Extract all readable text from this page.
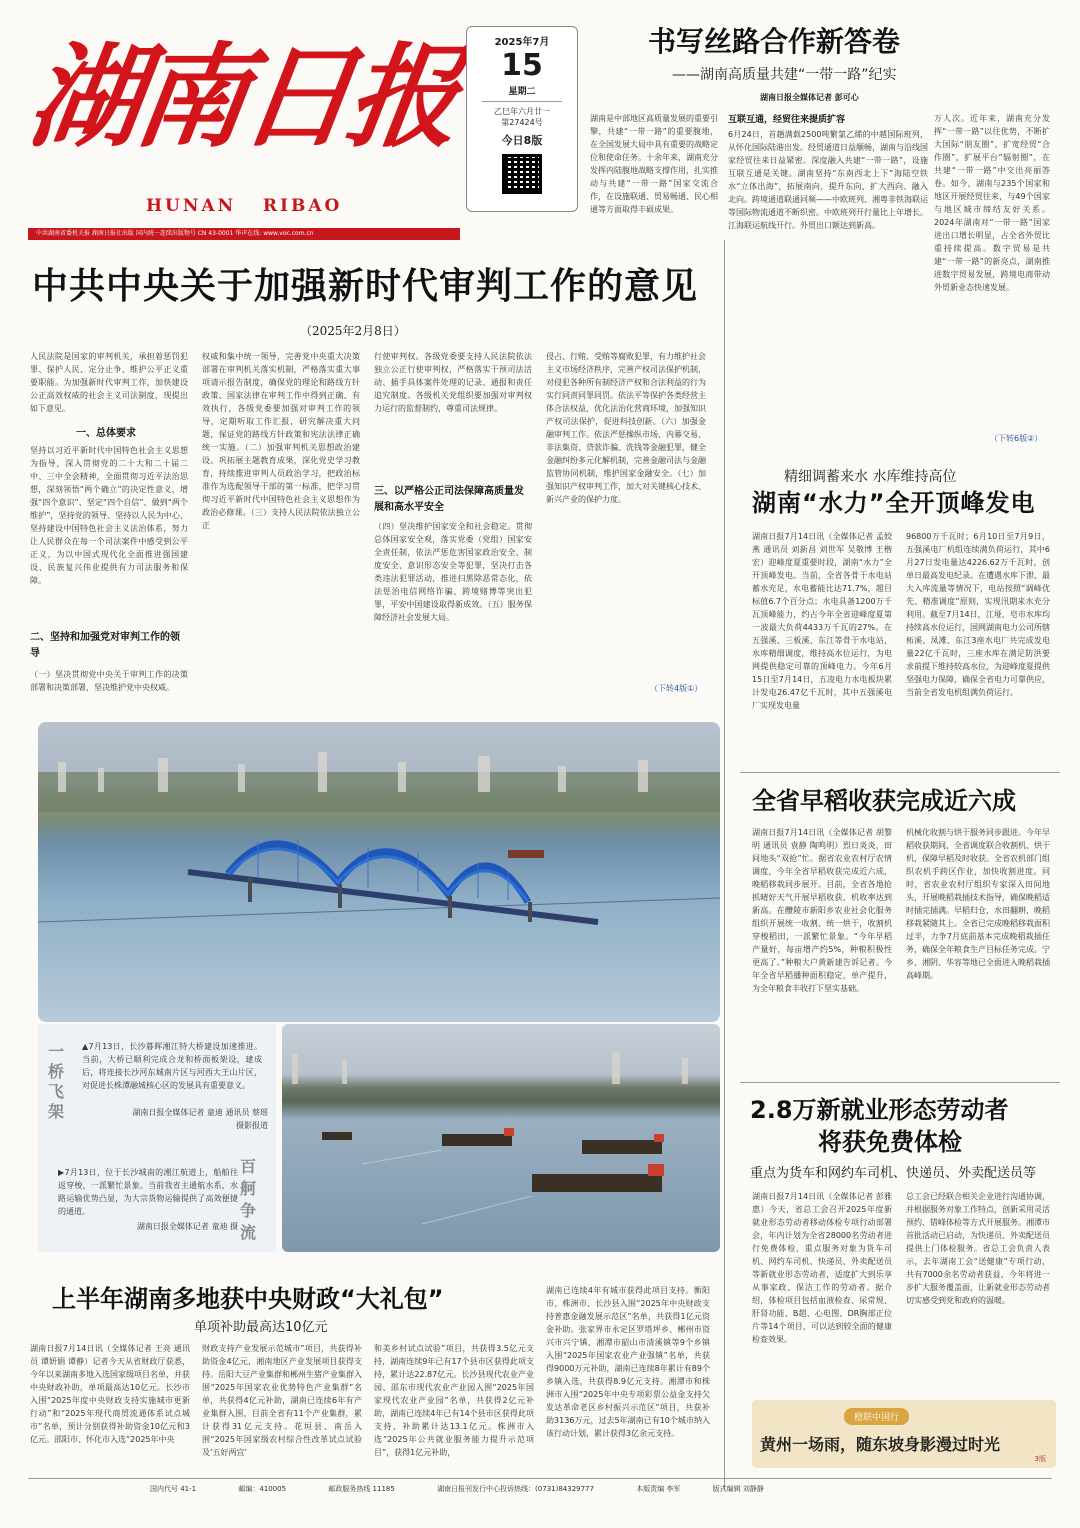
湖南日报
HUNAN   RIBAO
2025年7月
15
星期二
乙巳年六月廿一
第27424号
今日8版
中共湖南省委机关报 湖南日报社出版 国内统一连续出版物号 CN 43-0001 华声在线: www.voc.com.cn
书写丝路合作新答卷
——湖南高质量共建“一带一路”纪实
湖南日报全媒体记者 彭可心
湖南是中部地区高质量发展的重要引擎，共建“一带一路”的重要腹地，在全国发展大局中具有重要的战略定位和使命任务。十余年来，湖南充分发挥内陆腹地战略支撑作用，扎实推动与共建“一带一路”国家交流合作，在设施联通、贸易畅通、民心相通等方面取得丰硕成果。
互联互通，经贸往来提质扩容
6月24日，首趟满载2500吨繁氯乙烯的中越国际班列，从怀化国际陆港出发。经贸通道日益顺畅，湖南与沿线国家经贸往来日益紧密。深度融入共建“一带一路”，设施互联互通是关键。湖南坚持“东南西北上下”海陆空铁水“立体出海”，拓展南向、提升东向、扩大西向、融入北向。跨境通道联通同频——中欧班列、湘粤非铁海联运等国际物流通道不断织密。中欧班列开行量比上年增长。江海联运航线开行。外贸出口额达到新高。
万人次。近年来，湖南充分发挥“一带一路”以往优势，不断扩大国际“朋友圈”，扩宽经贸“合作圈”，扩展平台“辐射圈”，在共建“一带一路”中交出亮丽答卷。如今，湖南与235个国家和地区开展经贸往来，与49个国家与地区城市缔结友好关系。2024年湖南对“一带一路”国家进出口增长明显，占全省外贸比重持续提高。数字贸易是共建“一带一路”的新亮点，湖南推进数字贸易发展，跨境电商带动外贸新业态快速发展。
（下转6版②）
中共中央关于加强新时代审判工作的意见
（2025年2月8日）
人民法院是国家的审判机关，承担着惩罚犯罪、保护人民、定分止争、维护公平正义重要职能。为加强新时代审判工作，加快建设公正高效权威的社会主义司法制度，现提出如下意见。
一、总体要求
坚持以习近平新时代中国特色社会主义思想为指导，深入贯彻党的二十大和二十届二中、三中全会精神，全面贯彻习近平法治思想，深刻领悟“两个确立”的决定性意义，增强“四个意识”、坚定“四个自信”、做到“两个维护”，坚持党的领导、坚持以人民为中心、坚持建设中国特色社会主义法治体系，努力让人民群众在每一个司法案件中感受到公平正义，为以中国式现代化全面推进强国建设、民族复兴伟业提供有力司法服务和保障。
二、坚持和加强党对审判工作的领导
（一）坚决贯彻党中央关于审判工作的决策部署和决策部署，坚决维护党中央权威。
权威和集中统一领导，完善党中央重大决策部署在审判机关落实机制，严格落实重大事项请示报告制度，确保党的理论和路线方针政策、国家法律在审判工作中得到正确、有效执行，各级党委要加强对审判工作的领导，定期听取工作汇报，研究解决重大问题，保证党的路线方针政策和宪法法律正确统一实施。（二）加强审判机关思想政治建设。巩拓展主题教育成果，深化党史学习教育，持续推进审判人员政治学习，把政治标准作为选配领导干部的第一标准，把学习贯彻习近平新时代中国特色社会主义思想作为政治必修课。（三）支持人民法院依法独立公正
行使审判权。各级党委要支持人民法院依法独立公正行使审判权，严格落实干预司法活动、插手具体案件处理的记录、通报和责任追究制度。各级机关党组织要加强对审判权力运行的监督制约，尊重司法规律。
三、以严格公正司法保障高质量发展和高水平安全
（四）坚决维护国家安全和社会稳定。贯彻总体国家安全观，落实党委（党组）国家安全责任制，依法严惩危害国家政治安全、制度安全、意识形态安全等犯罪，坚决打击各类违法犯罪活动，推进扫黑除恶常态化，依法惩治电信网络诈骗、跨境赌博等突出犯罪，平安中国建设取得新成效。（五）服务保障经济社会发展大局。
侵占、行贿、受贿等腐败犯罪，有力维护社会主义市场经济秩序，完善产权司法保护机制，对侵犯各种所有制经济产权和合法利益的行为实行同责同罪同罚。依法平等保护各类经营主体合法权益，优化法治化营商环境，加强知识产权司法保护，促进科技创新。（六）加强金融审判工作。依法严惩操纵市场、内幕交易、非法集资、贷款诈骗、洗钱等金融犯罪，健全金融纠纷多元化解机制，完善金融司法与金融监管协同机制，维护国家金融安全。（七）加强知识产权审判工作，加大对关键核心技术、新兴产业的保护力度。
（下转4版①）
精细调蓄来水 水库维持高位
湖南“水力”全开顶峰发电
湖南日报7月14日讯（全媒体记者 孟姣燕 通讯员 刘新昌 刘世军 吴敬博 王楷宏）迎峰度夏重要时段，湖南“水力”全开顶峰发电。当前，全省各骨干水电站蓄水充足，水电蓄能比达71.7%，超目标值6.7个百分点；水电具备1200万千瓦顶峰能力，约占今年全省迎峰度夏第一波最大负荷4433万千瓦的27%。在五强溪、三板溪、东江等骨干水电站，水库精细调度，维持高水位运行，为电网提供稳定可靠的顶峰电力。今年6月15日至7月14日，五凌电力水电板块累计发电26.47亿千瓦时，其中五强溪电厂实现发电量
96800万千瓦时；6月10日至7月9日，五强溪电厂机组连续满负荷运行，其中6月27日发电量达4226.62万千瓦时，创单日最高发电纪录。在遭遇水库下泄、最大入库流量等情况下，电站按照“调峰优先、精准调度”原则，实现汛期来水充分利用。截至7月14日，江垭、皂市水库均持续高水位运行，国网湖南电力公司所辖柘溪、凤滩、东江3座水电厂共完成发电量22亿千瓦时，三座水库在满足防洪要求前提下维持较高水位，为迎峰度夏提供坚强电力保障，确保全省电力可靠供应，当前全省发电机组满负荷运行。
全省早稻收获完成近六成
湖南日报7月14日讯（全媒体记者 胡黎明 通讯员 袁静 陶鸣明）烈日炎炎，田间地头“双抢”忙。据省农业农村厅农情调度，今年全省早稻收获完成近六成，晚稻移栽同步展开。目前，全省各地抢抓晴好天气开展早稻收获，机收率达到新高。在醴陵市新阳乡农业社会化服务组织开展统一收割、统一烘干，收割机穿梭稻田，一派繁忙景象。“今年早稻产量好，每亩增产约5%，种粮积极性更高了。”种粮大户黄新建告诉记者。今年全省早稻播种面积稳定，单产提升，为全年粮食丰收打下坚实基础。
机械化收割与烘干服务同步跟进。今年早稻收获期间，全省调度联合收割机、烘干机，保障早稻及时收获。全省农机部门组织农机手跨区作业，加快收割进度。同时，省农业农村厅组织专家深入田间地头，开展晚稻栽插技术指导，确保晚稻适时插完插满。早稻归仓，水田翻耕，晚稻移栽紧随其上。全省已完成晚稻移栽面积过半，力争7月底前基本完成晚稻栽插任务，确保全年粮食生产目标任务完成。宁乡、湘阴、华容等地已全面进入晚稻栽插高峰期。
2.8万新就业形态劳动者
将获免费体检
重点为货车和网约车司机、快递员、外卖配送员等
湖南日报7月14日讯（全媒体记者 彭雅惠）今天，省总工会召开2025年度新就业形态劳动者移动体检专项行动部署会，年内计划为全省28000名劳动者进行免费体检，重点服务对象为货车司机、网约车司机、快递员、外卖配送员等新就业形态劳动者，适度扩大到乐享从事家政、保洁工作的劳动者。据介绍，体检项目包括血液检查、尿常规、肝肾功能、B超、心电图、DR胸部正位片等14个项目，可以达到较全面的健康检查效果。
总工会已经联合相关企业进行沟通协调，并根据服务对象工作特点，创新采用灵活预约、错峰体检等方式开展服务。湘潭市首批活动已启动，为快递员、外卖配送员提供上门体检服务。省总工会负责人表示，去年湖南工会“送健康”专项行动，共有7000余名劳动者获益，今年将进一步扩大服务覆盖面，让新就业形态劳动者切实感受到党和政府的温暖。
橙联中国行
黄州一场雨，随东坡身影漫过时光
3版
一桥飞架
▲7月13日，长沙暮晖湘江特大桥建设加速推进。当前，大桥已顺利完成合龙和桥面板架设，建成后，将连接长沙河东城南片区与河西大王山片区，对促进长株潭融城核心区的发展具有重要意义。
湖南日报全媒体记者 童迪 通讯员 蔡瑶 摄影报道
▶7月13日，位于长沙城南的湘江航道上，船舶往返穿梭，一派繁忙景象。当前我省主通航水系，水路运输优势凸显，为大宗货物运输提供了高效便捷的通道。
湖南日报全媒体记者 童迪 摄
百舸争流
上半年湖南多地获中央财政“大礼包”
单项补助最高达10亿元
湖南日报7月14日讯（全媒体记者 王亮 通讯员 谭妍娟 谭静）记者今天从省财政厅获悉，今年以来湖南多地入选国家级项目名单，并获中央财政补助，单项最高达10亿元。长沙市入围“2025年度中央财政支持实施城市更新行动”和“2025年现代商贸流通体系试点城市”名单，预计分别获得补助资金10亿元和3亿元。邵阳市、怀化市入选“2025年中央
财政支持产业发展示范城市”项目，共获得补助资金4亿元，湘南地区产业发展项目获得支持。岳阳大豆产业集群和郴州生猪产业集群入围“2025年国家农业优势特色产业集群”名单，共获得4亿元补助，湖南已连续6年有产业集群入围，目前全省有11个产业集群，累计获得31亿元支持。花垣县、南岳入围“2025年国家级农村综合性改革试点试验及‘五好两宜’
和美乡村试点试验”项目，共获得3.5亿元支持，湖南连续9年已有17个县市区获得此项支持，累计达22.87亿元。长沙县现代农业产业园、邵东市现代农业产业园入围“2025年国家现代农业产业园”名单，共获得2亿元补助，湖南已连续4年已有14个县市区获得此项支持，补助累计达13.1亿元。株洲市入选“2025年公共就业服务能力提升示范项目”，获得1亿元补助，
湖南已连续4年有城市获得此项目支持。衡阳市、株洲市、长沙县入围“2025年中央财政支持普惠金融发展示范区”名单，共获得1亿元资金补助。张家界市永定区罗塔坪乡、郴州市资兴市兴宁镇、湘潭市韶山市清溪镇等9个乡镇入围“2025年国家农业产业强镇”名单，共获得9000万元补助，湖南已连续8年累计有89个乡镇入选，共获得8.9亿元支持。湘潭市和株洲市入围“2025年中央专项彩票公益金支持欠发达革命老区乡村振兴示范区”项目，共获补助3136万元，过去5年湖南已有10个城市纳入该行动计划，累计获得3亿余元支持。
国内代号 41-1	邮编：410005	邮政服务热线 11185	湖南日报刊发行中心投诉热线：(0731)84329777	本版责编 李军	版式编辑 刘静静
